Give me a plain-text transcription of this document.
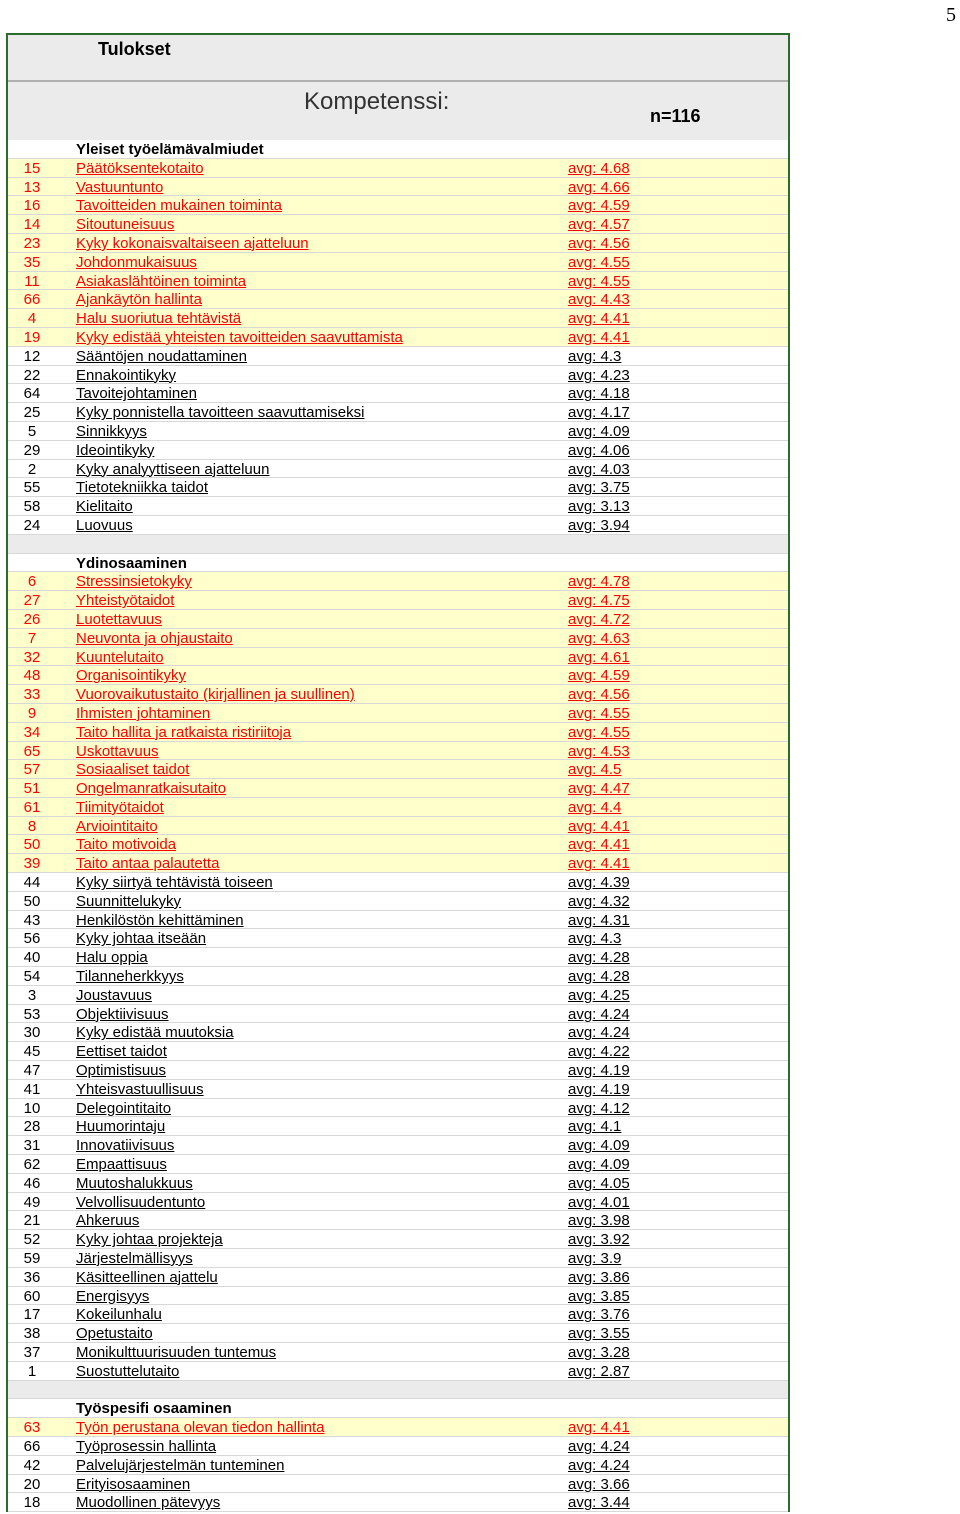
5
Tulokset
Kompetenssi:
n=116
Yleiset työelämävalmiudet
15	Päätöksentekotaito	avg: 4.68
13	Vastuuntunto	avg: 4.66
16	Tavoitteiden mukainen toiminta	avg: 4.59
14	Sitoutuneisuus	avg: 4.57
23	Kyky kokonaisvaltaiseen ajatteluun	avg: 4.56
35	Johdonmukaisuus	avg: 4.55
11	Asiakaslähtöinen toiminta	avg: 4.55
66	Ajankäytön hallinta	avg: 4.43
4	Halu suoriutua tehtävistä	avg: 4.41
19	Kyky edistää yhteisten tavoitteiden saavuttamista	avg: 4.41
12	Sääntöjen noudattaminen	avg: 4.3
22	Ennakointikyky	avg: 4.23
64	Tavoitejohtaminen	avg: 4.18
25	Kyky ponnistella tavoitteen saavuttamiseksi	avg: 4.17
5	Sinnikkyys	avg: 4.09
29	Ideointikyky	avg: 4.06
2	Kyky analyyttiseen ajatteluun	avg: 4.03
55	Tietotekniikka taidot	avg: 3.75
58	Kielitaito	avg: 3.13
24	Luovuus	avg: 3.94
Ydinosaaminen
6	Stressinsietokyky	avg: 4.78
27	Yhteistyötaidot	avg: 4.75
26	Luotettavuus	avg: 4.72
7	Neuvonta ja ohjaustaito	avg: 4.63
32	Kuuntelutaito	avg: 4.61
48	Organisointikyky	avg: 4.59
33	Vuorovaikutustaito (kirjallinen ja suullinen)	avg: 4.56
9	Ihmisten johtaminen	avg: 4.55
34	Taito hallita ja ratkaista ristiriitoja	avg: 4.55
65	Uskottavuus	avg: 4.53
57	Sosiaaliset taidot	avg: 4.5
51	Ongelmanratkaisutaito	avg: 4.47
61	Tiimityötaidot	avg: 4.4
8	Arviointitaito	avg: 4.41
50	Taito motivoida	avg: 4.41
39	Taito antaa palautetta	avg: 4.41
44	Kyky siirtyä tehtävistä toiseen	avg: 4.39
50	Suunnittelukyky	avg: 4.32
43	Henkilöstön kehittäminen	avg: 4.31
56	Kyky johtaa itseään	avg: 4.3
40	Halu oppia	avg: 4.28
54	Tilanneherkkyys	avg: 4.28
3	Joustavuus	avg: 4.25
53	Objektiivisuus	avg: 4.24
30	Kyky edistää muutoksia	avg: 4.24
45	Eettiset taidot	avg: 4.22
47	Optimistisuus	avg: 4.19
41	Yhteisvastuullisuus	avg: 4.19
10	Delegointitaito	avg: 4.12
28	Huumorintaju	avg: 4.1
31	Innovatiivisuus	avg: 4.09
62	Empaattisuus	avg: 4.09
46	Muutoshalukkuus	avg: 4.05
49	Velvollisuudentunto	avg: 4.01
21	Ahkeruus	avg: 3.98
52	Kyky johtaa projekteja	avg: 3.92
59	Järjestelmällisyys	avg: 3.9
36	Käsitteellinen ajattelu	avg: 3.86
60	Energisyys	avg: 3.85
17	Kokeilunhalu	avg: 3.76
38	Opetustaito	avg: 3.55
37	Monikulttuurisuuden tuntemus	avg: 3.28
1	Suostuttelutaito	avg: 2.87
Työspesifi osaaminen
63	Työn perustana olevan tiedon hallinta	avg: 4.41
66	Työprosessin hallinta	avg: 4.24
42	Palvelujärjestelmän tunteminen	avg: 4.24
20	Erityisosaaminen	avg: 3.66
18	Muodollinen pätevyys	avg: 3.44
